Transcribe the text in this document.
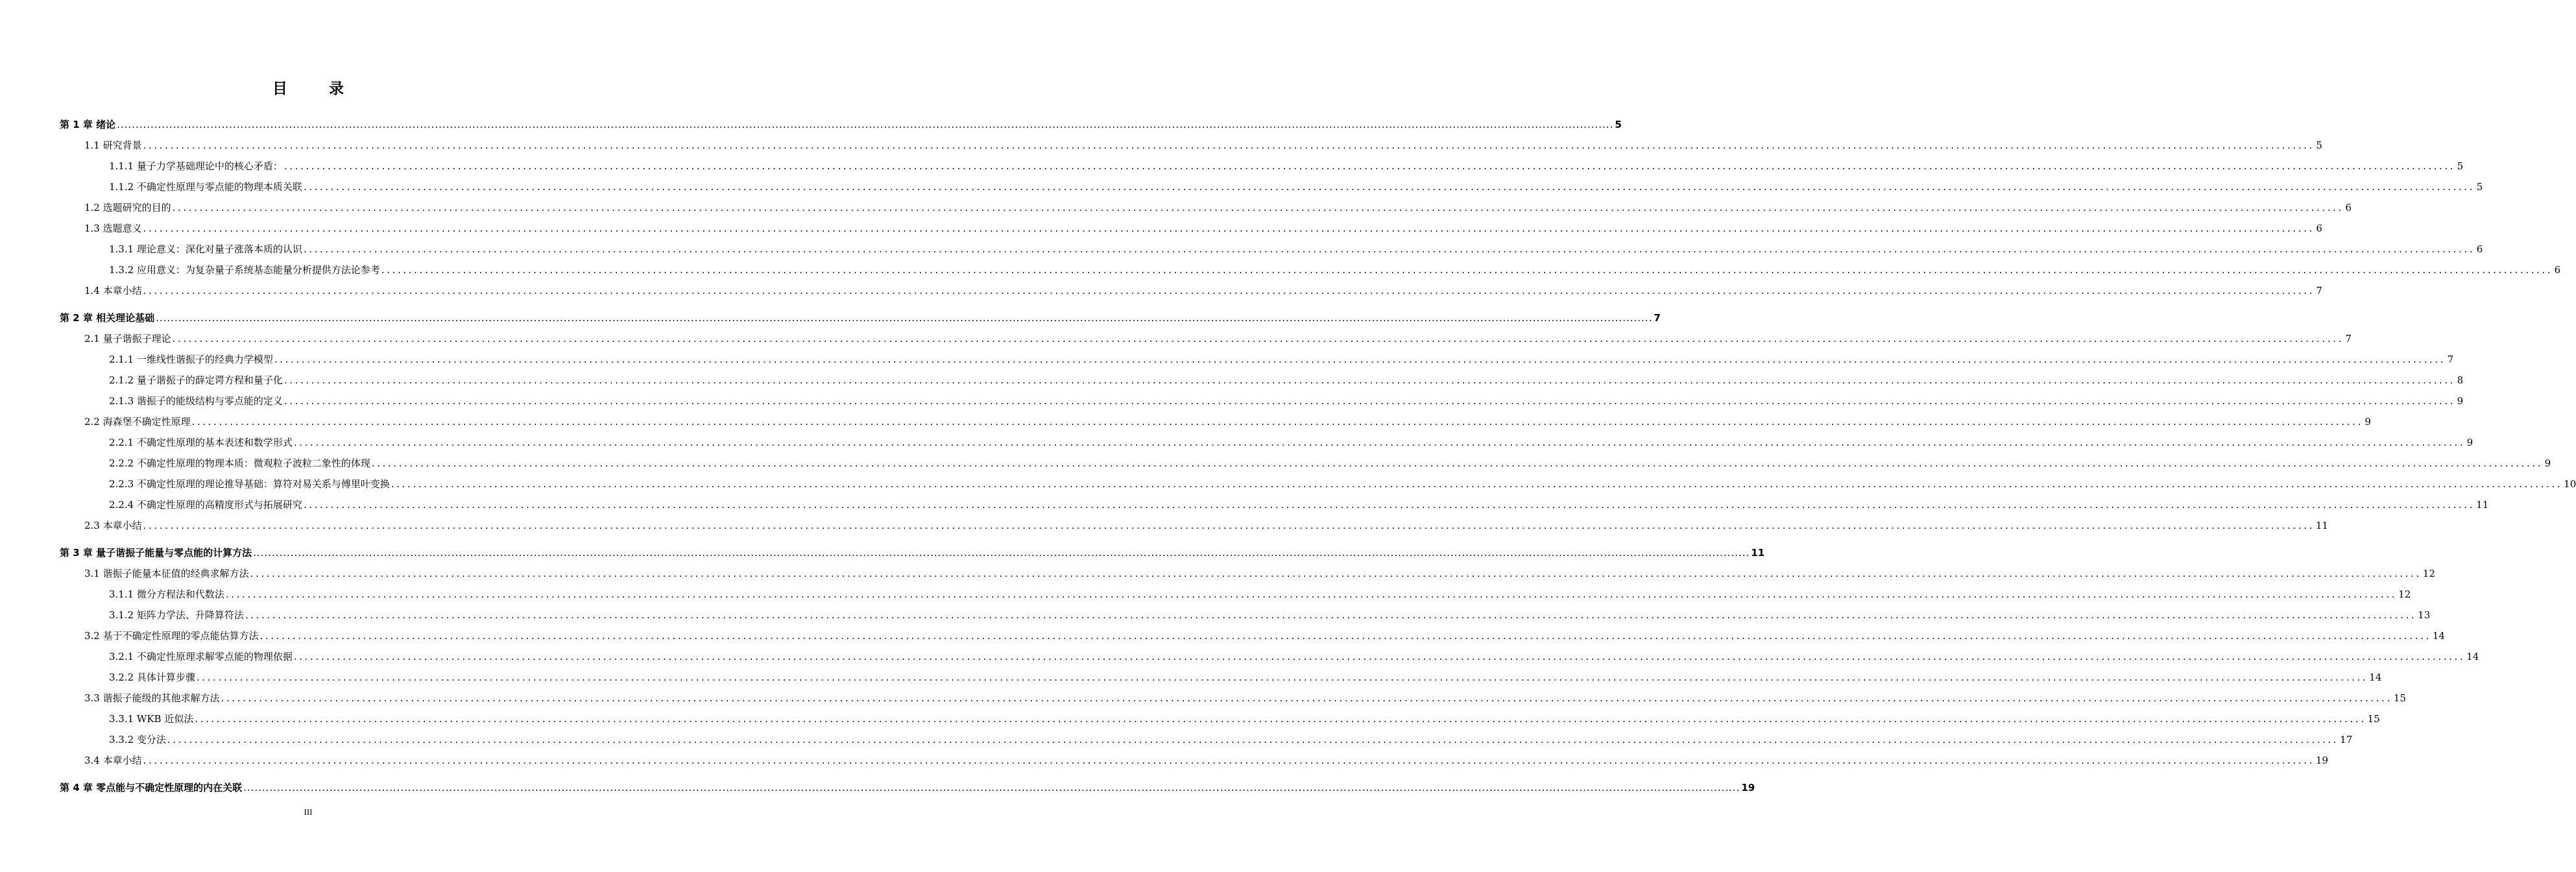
目 录
第 1 章 绪论 ................................................................................................................................................................................................................................................................................................................................................................................................................ 5
1.1 研究背景 ................................................................................................................................................................................................................................................................................................................................................................................................................ 5
1.1.1 量子力学基础理论中的核心矛盾： ................................................................................................................................................................................................................................................................................................................................................................................................................ 5
1.1.2 不确定性原理与零点能的物理本质关联 ................................................................................................................................................................................................................................................................................................................................................................................................................ 5
1.2 选题研究的目的 ................................................................................................................................................................................................................................................................................................................................................................................................................ 6
1.3 选题意义 ................................................................................................................................................................................................................................................................................................................................................................................................................ 6
1.3.1 理论意义：深化对量子涨落本质的认识 ................................................................................................................................................................................................................................................................................................................................................................................................................ 6
1.3.2 应用意义：为复杂量子系统基态能量分析提供方法论参考 ................................................................................................................................................................................................................................................................................................................................................................................................................ 6
1.4 本章小结 ................................................................................................................................................................................................................................................................................................................................................................................................................ 7
第 2 章 相关理论基础 ................................................................................................................................................................................................................................................................................................................................................................................................................ 7
2.1 量子谐振子理论 ................................................................................................................................................................................................................................................................................................................................................................................................................ 7
2.1.1 一维线性谐振子的经典力学模型 ................................................................................................................................................................................................................................................................................................................................................................................................................ 7
2.1.2 量子谐振子的薛定谔方程和量子化 ................................................................................................................................................................................................................................................................................................................................................................................................................ 8
2.1.3 谐振子的能级结构与零点能的定义 ................................................................................................................................................................................................................................................................................................................................................................................................................ 9
2.2 海森堡不确定性原理 ................................................................................................................................................................................................................................................................................................................................................................................................................ 9
2.2.1 不确定性原理的基本表述和数学形式 ................................................................................................................................................................................................................................................................................................................................................................................................................ 9
2.2.2 不确定性原理的物理本质：微观粒子波粒二象性的体现 ................................................................................................................................................................................................................................................................................................................................................................................................................ 9
2.2.3 不确定性原理的理论推导基础：算符对易关系与傅里叶变换 ................................................................................................................................................................................................................................................................................................................................................................................................................ 10
2.2.4 不确定性原理的高精度形式与拓展研究 ................................................................................................................................................................................................................................................................................................................................................................................................................ 11
2.3 本章小结 ................................................................................................................................................................................................................................................................................................................................................................................................................ 11
第 3 章 量子谐振子能量与零点能的计算方法 ................................................................................................................................................................................................................................................................................................................................................................................................................ 11
3.1 谐振子能量本征值的经典求解方法 ................................................................................................................................................................................................................................................................................................................................................................................................................ 12
3.1.1 微分方程法和代数法 ................................................................................................................................................................................................................................................................................................................................................................................................................ 12
3.1.2 矩阵力学法、升降算符法 ................................................................................................................................................................................................................................................................................................................................................................................................................ 13
3.2 基于不确定性原理的零点能估算方法 ................................................................................................................................................................................................................................................................................................................................................................................................................ 14
3.2.1 不确定性原理求解零点能的物理依据 ................................................................................................................................................................................................................................................................................................................................................................................................................ 14
3.2.2 具体计算步骤 ................................................................................................................................................................................................................................................................................................................................................................................................................ 14
3.3 谐振子能级的其他求解方法 ................................................................................................................................................................................................................................................................................................................................................................................................................ 15
3.3.1 WKB 近似法 ................................................................................................................................................................................................................................................................................................................................................................................................................ 15
3.3.2 变分法 ................................................................................................................................................................................................................................................................................................................................................................................................................ 17
3.4 本章小结 ................................................................................................................................................................................................................................................................................................................................................................................................................ 19
第 4 章 零点能与不确定性原理的内在关联 ................................................................................................................................................................................................................................................................................................................................................................................................................ 19
III
